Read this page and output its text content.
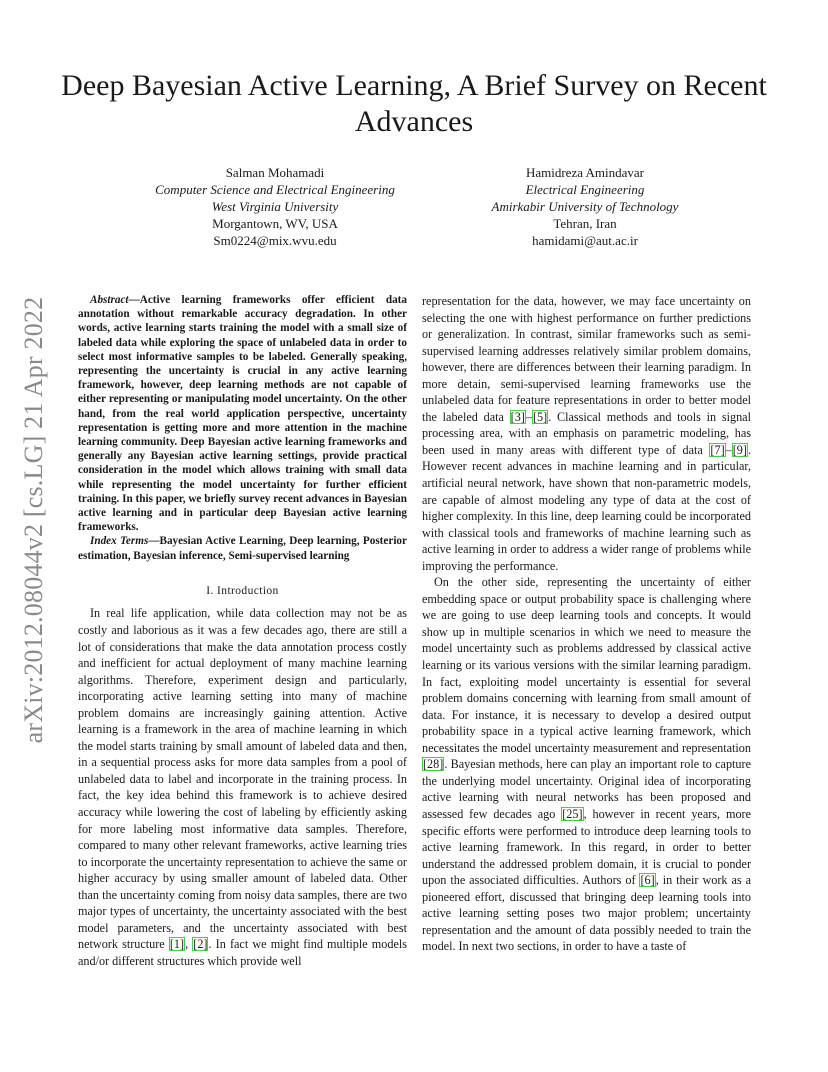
Deep Bayesian Active Learning, A Brief Survey on Recent Advances
Salman Mohamadi
Computer Science and Electrical Engineering
West Virginia University
Morgantown, WV, USA
Sm0224@mix.wvu.edu
Hamidreza Amindavar
Electrical Engineering
Amirkabir University of Technology
Tehran, Iran
hamidami@aut.ac.ir
arXiv:2012.08044v2 [cs.LG] 21 Apr 2022	Abstract—Active learning frameworks offer efficient data annotation without remarkable accuracy degradation. In other words, active learning starts training the model with a small size of labeled data while exploring the space of unlabeled data in order to select most informative samples to be labeled. Generally speaking, representing the uncertainty is crucial in any active learning framework, however, deep learning methods are not capable of either representing or manipulating model uncertainty. On the other hand, from the real world application perspective, uncertainty representation is getting more and more attention in the machine learning community. Deep Bayesian active learning frameworks and generally any Bayesian active learning settings, provide practical consideration in the model which allows training with small data while representing the model uncertainty for further efficient training. In this paper, we briefly survey recent advances in Bayesian active learning and in particular deep Bayesian active learning frameworks.

Index Terms—Bayesian Active Learning, Deep learning, Posterior estimation, Bayesian inference, Semi-supervised learning

I. Introduction

In real life application, while data collection may not be as costly and laborious as it was a few decades ago, there are still a lot of considerations that make the data annotation process costly and inefficient for actual deployment of many machine learning algorithms. Therefore, experiment design and particularly, incorporating active learning setting into many of machine problem domains are increasingly gaining attention. Active learning is a framework in the area of machine learning in which the model starts training by small amount of labeled data and then, in a sequential process asks for more data samples from a pool of unlabeled data to label and incorporate in the training process. In fact, the key idea behind this framework is to achieve desired accuracy while lowering the cost of labeling by efficiently asking for more labeling most informative data samples. Therefore, compared to many other relevant frameworks, active learning tries to incorporate the uncertainty representation to achieve the same or higher accuracy by using smaller amount of labeled data. Other than the uncertainty coming from noisy data samples, there are two major types of uncertainty, the uncertainty associated with the best model parameters, and the uncertainty associated with best network structure [1], [2]. In fact we might find multiple models and/or different structures which provide well

representation for the data, however, we may face uncertainty on selecting the one with highest performance on further predictions or generalization. In contrast, similar frameworks such as semi-supervised learning addresses relatively similar problem domains, however, there are differences between their learning paradigm. In more detain, semi-supervised learning frameworks use the unlabeled data for feature representations in order to better model the labeled data [3]–[5]. Classical methods and tools in signal processing area, with an emphasis on parametric modeling, has been used in many areas with different type of data [7]–[9]. However recent advances in machine learning and in particular, artificial neural network, have shown that non-parametric models, are capable of almost modeling any type of data at the cost of higher complexity. In this line, deep learning could be incorporated with classical tools and frameworks of machine learning such as active learning in order to address a wider range of problems while improving the performance.

On the other side, representing the uncertainty of either embedding space or output probability space is challenging where we are going to use deep learning tools and concepts. It would show up in multiple scenarios in which we need to measure the model uncertainty such as problems addressed by classical active learning or its various versions with the similar learning paradigm. In fact, exploiting model uncertainty is essential for several problem domains concerning with learning from small amount of data. For instance, it is necessary to develop a desired output probability space in a typical active learning framework, which necessitates the model uncertainty measurement and representation [28]. Bayesian methods, here can play an important role to capture the underlying model uncertainty. Original idea of incorporating active learning with neural networks has been proposed and assessed few decades ago [25], however in recent years, more specific efforts were performed to introduce deep learning tools to active learning framework. In this regard, in order to better understand the addressed problem domain, it is crucial to ponder upon the associated difficulties. Authors of [6], in their work as a pioneered effort, discussed that bringing deep learning tools into active learning setting poses two major problem; uncertainty representation and the amount of data possibly needed to train the model. In next two sections, in order to have a taste of
